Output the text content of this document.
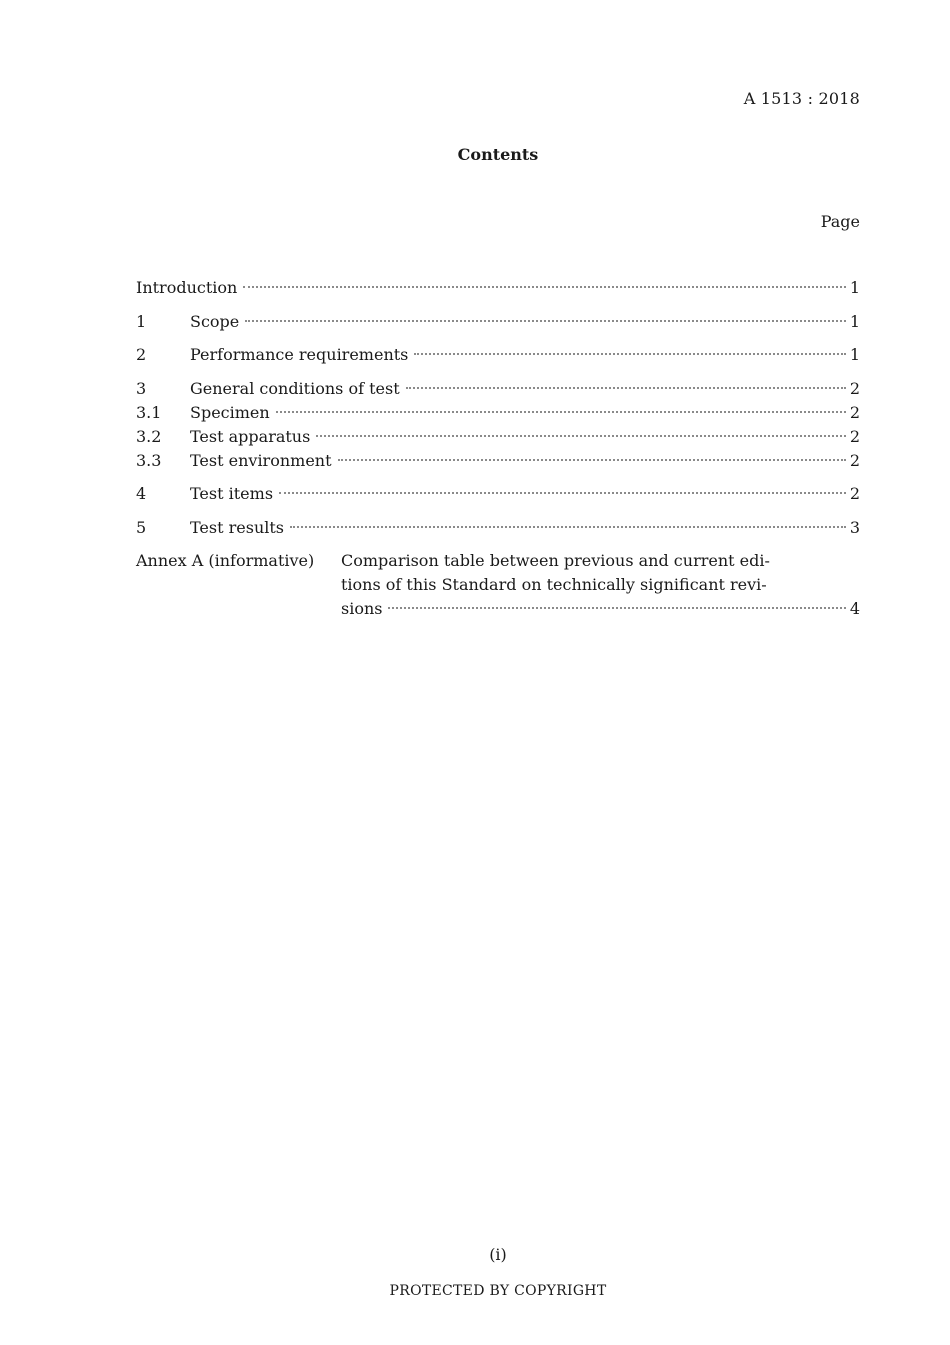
A 1513 : 2018
Contents
Page
Introduction	1
1	Scope	1
2	Performance requirements	1
3	General conditions of test	2
3.1	Specimen	2
3.2	Test apparatus	2
3.3	Test environment	2
4	Test items	2
5	Test results	3
Annex A (informative)	Comparison table between previous and current edi-
tions of this Standard on technically significant revi-
sions	4
(i)
PROTECTED BY COPYRIGHT
